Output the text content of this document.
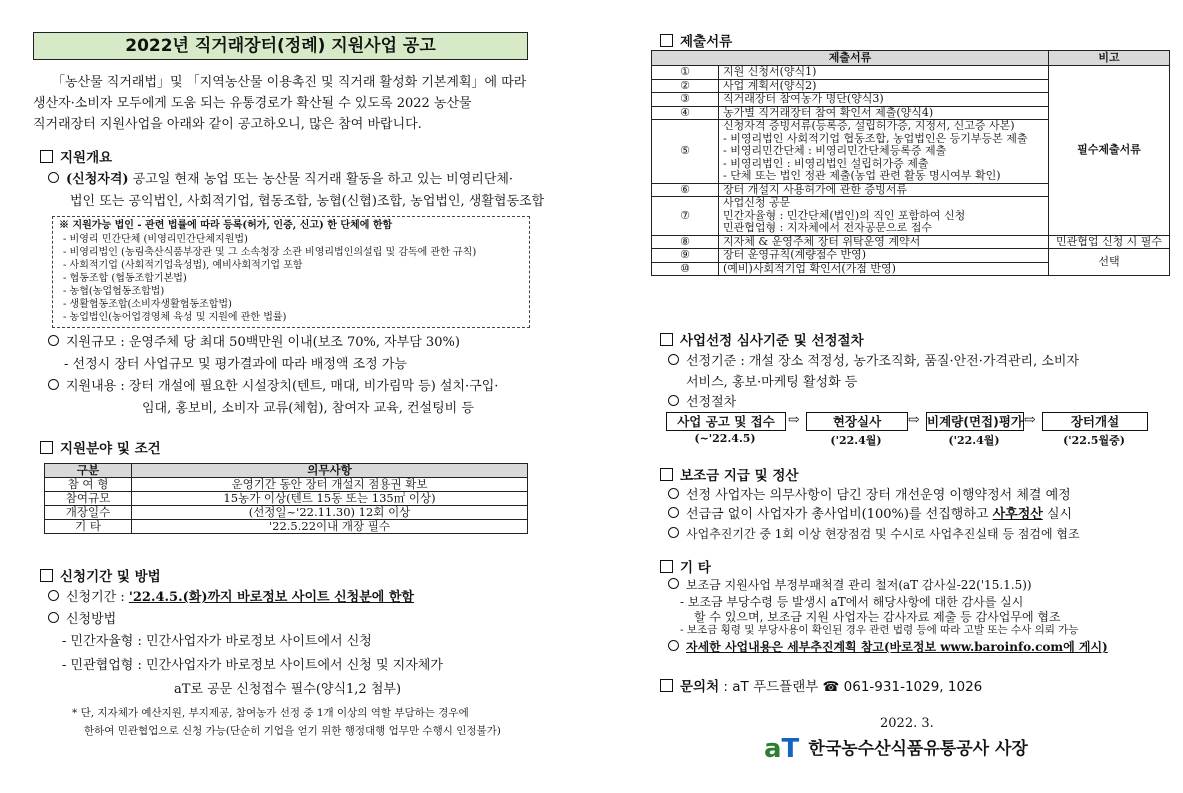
2022년 직거래장터(정례) 지원사업 공고
「농산물 직거래법」및 「지역농산물 이용촉진 및 직거래 활성화 기본계획」에 따라
생산자·소비자 모두에게 도움 되는 유통경로가 확산될 수 있도록 2022 농산물
직거래장터 지원사업을 아래와 같이 공고하오니, 많은 참여 바랍니다.
지원개요
(신청자격) 공고일 현재 농업 또는 농산물 직거래 활동을 하고 있는 비영리단체·
법인 또는 공익법인, 사회적기업, 협동조합, 농협(신협)조합, 농업법인, 생활협동조합
※ 지원가능 법인 - 관련 법률에 따라 등록(허가, 인증, 신고) 한 단체에 한함
- 비영리 민간단체 (비영리민간단체지원법)
- 비영리법인 (농림축산식품부장관 및 그 소속청장 소관 비영리법인의설립 및 감독에 관한 규칙)
- 사회적기업 (사회적기업육성법), 예비사회적기업 포함
- 협동조합 (협동조합기본법)
- 농협(농업협동조합법)
- 생활협동조합(소비자생활협동조합법)
- 농업법인(농어업경영체 육성 및 지원에 관한 법률)
지원규모 : 운영주체 당 최대 50백만원 이내(보조 70%, 자부담 30%)
- 선정시 장터 사업규모 및 평가결과에 따라 배정액 조정 가능
지원내용 : 장터 개설에 필요한 시설장치(텐트, 매대, 비가림막 등) 설치·구입·
임대, 홍보비, 소비자 교류(체험), 참여자 교육, 컨설팅비 등
지원분야 및 조건
구분	의무사항
참 여 형	운영기간 동안 장터 개설지 점용권 확보
참여규모	15농가 이상(텐트 15동 또는 135㎡ 이상)
개장일수	(선정일~'22.11.30) 12회 이상
기 타	'22.5.22이내 개장 필수
신청기간 및 방법
신청기간 : '22.4.5.(화)까지 바로정보 사이트 신청분에 한함
신청방법
- 민간자율형 : 민간사업자가 바로정보 사이트에서 신청
- 민관협업형 : 민간사업자가 바로정보 사이트에서 신청 및 지자체가
aT로 공문 신청접수 필수(양식1,2 첨부)
* 단, 지자체가 예산지원, 부지제공, 참여농가 선정 중 1개 이상의 역할 부담하는 경우에
한하여 민관협업으로 신청 가능(단순히 기업을 얻기 위한 행정대행 업무만 수행시 인정불가)
제출서류
제출서류		비고
①	지원 신청서(양식1)	필수제출서류
②	사업 계획서(양식2)	
③	직거래장터 참여농가 명단(양식3)	
④	농가별 직거래장터 참여 확인서 제출(양식4)	
⑤	신청자격 증빙서류(등록증, 설립허가증, 지정서, 신고증 사본)
- 비영리법인 사회적기업 협동조합, 농업법인은 등기부등본 제출
- 비영리민간단체 : 비영리민간단체등록증 제출
- 비영리법인 : 비영리법인 설립허가증 제출
- 단체 또는 법인 정관 제출(농업 관련 활동 명시여부 확인)	

⑥	장터 개설지 사용허가에 관한 증빙서류	
⑦	사업신청 공문
민간자율형 : 민간단체(법인)의 직인 포함하여 신청
민관협업형 : 지자체에서 전자공문으로 접수	

⑧	지자체 & 운영주체 장터 위탁운영 계약서	민관협업 신청 시 필수
⑨	장터 운영규칙(계량점수 반영)	선택
⑩	(예비)사회적기업 확인서(가점 반영)	
사업선정 심사기준 및 선정절차
선정기준 : 개설 장소 적정성, 농가조직화, 품질·안전·가격관리, 소비자
서비스, 홍보·마케팅 활성화 등
선정절차
사업 공고 및 접수 ⇨	현장실사	⇨ 비계량(면접)평가 ⇨	장터개설
(~'22.4.5)	('22.4월)	('22.4월)	('22.5월중)
보조금 지급 및 정산
선정 사업자는 의무사항이 담긴 장터 개선운영 이행약정서 체결 예정
선급금 없이 사업자가 총사업비(100%)를 선집행하고 사후정산 실시
사업추진기간 중 1회 이상 현장점검 및 수시로 사업추진실태 등 점검에 협조
기 타
보조금 지원사업 부정부패척결 관리 철저(aT 감사실-22('15.1.5))
- 보조금 부당수령 등 발생시 aT에서 해당사항에 대한 감사를 실시
할 수 있으며, 보조금 지원 사업자는 감사자료 제출 등 감사업무에 협조
- 보조금 횡령 및 부당사용이 확인된 경우 관련 법령 등에 따라 고발 또는 수사 의뢰 가능
자세한 사업내용은 세부추진계획 참고(바로정보 www.baroinfo.com에 게시)
문의처 : aT 푸드플랜부 ☎ 061-931-1029, 1026
2022. 3.
aT 한국농수산식품유통공사 사장
